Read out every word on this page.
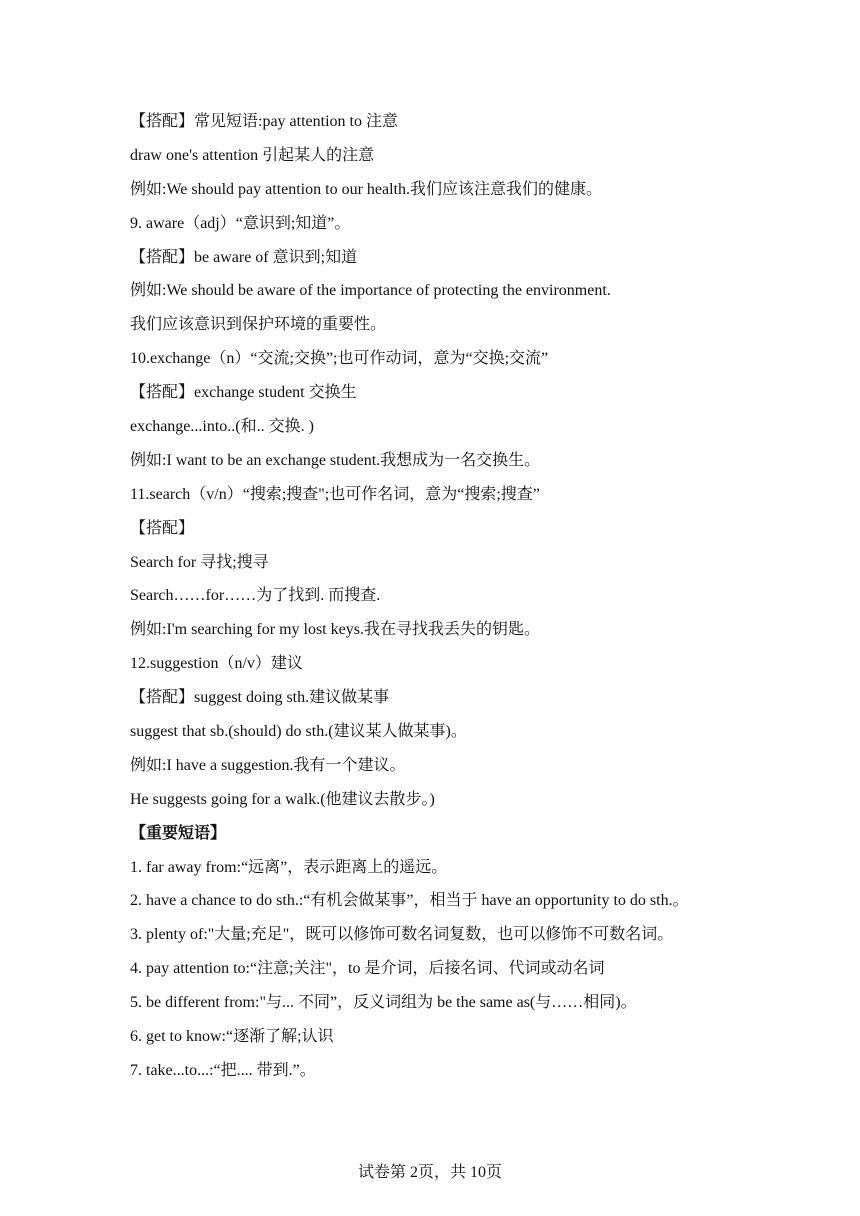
【搭配】常见短语:pay attention to 注意
draw one's attention 引起某人的注意
例如:We should pay attention to our health.我们应该注意我们的健康。
9. aware（adj）“意识到;知道”。
【搭配】be aware of 意识到;知道
例如:We should be aware of the importance of protecting the environment.
我们应该意识到保护环境的重要性。
10.exchange（n）“交流;交换”;也可作动词，意为“交换;交流”
【搭配】exchange student 交换生
exchange...into..(和.. 交换. )
例如:I want to be an exchange student.我想成为一名交换生。
11.search（v/n）“搜索;搜查";也可作名词，意为“搜索;搜查”
【搭配】
Search for 寻找;搜寻
Search……for……为了找到. 而搜查.
例如:I'm searching for my lost keys.我在寻找我丢失的钥匙。
12.suggestion（n/v）建议
【搭配】suggest doing sth.建议做某事
suggest that sb.(should) do sth.(建议某人做某事)。
例如:I have a suggestion.我有一个建议。
He suggests going for a walk.(他建议去散步。)
【重要短语】
1. far away from:“远离”，表示距离上的遥远。
2. have a chance to do sth.:“有机会做某事”，相当于 have an opportunity to do sth.。
3. plenty of:"大量;充足"，既可以修饰可数名词复数，也可以修饰不可数名词。
4. pay attention to:“注意;关注"，to 是介词，后接名词、代词或动名词
5. be different from:"与... 不同”，反义词组为 be the same as(与……相同)。
6. get to know:“逐渐了解;认识
7. take...to...:“把.... 带到.”。
试卷第 2页，共 10页
